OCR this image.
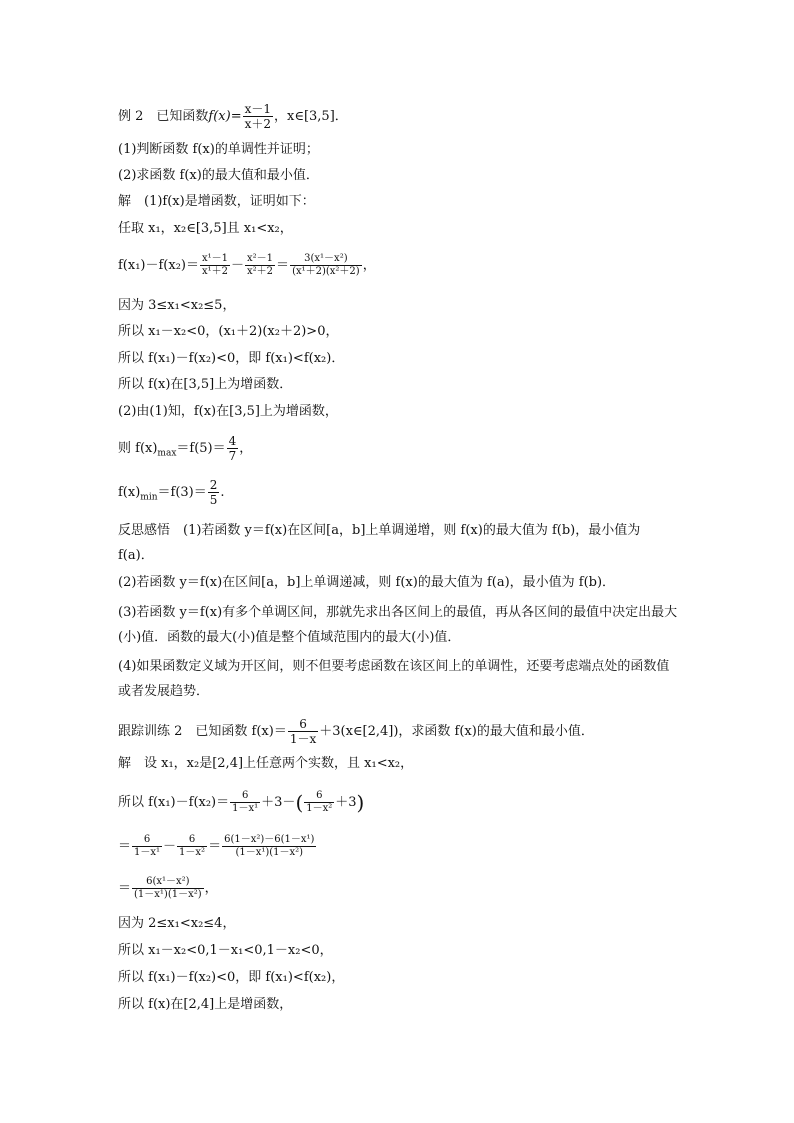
例 2　已知函数$f(x)= \frac{x-1}{x+2}$ ，x∈[3,5]．
(1)判断函数 f(x)的单调性并证明；
(2)求函数 f(x)的最大值和最小值．
解　(1)f(x)是增函数，证明如下：
任取 x₁，x₂∈[3,5]且 x₁<x₂，
$f(x_1)-f(x_2)= \frac{\text{x¹－1}}{\text{x¹＋2}} - \frac{\text{x²－1}}{\text{x²＋2}} = \frac{\text{3(x¹－x²)}}{\text{(x¹＋2)(x²＋2)}}$ ，
因为 3≤x₁<x₂≤5，
所以 x₁－x₂<0，(x₁＋2)(x₂＋2)>0，
所以 f(x₁)－f(x₂)<0，即 f(x₁)<f(x₂)．
所以 f(x)在[3,5]上为增函数．
(2)由(1)知，f(x)在[3,5]上为增函数，
则 $f(x)_{max}=f(5)= \frac{4}{7}$ ，
$f(x)_{min}=f(3)= \frac{2}{5}$ .
反思感悟　(1)若函数 y＝f(x)在区间[a，b]上单调递增，则 f(x)的最大值为 f(b)，最小值为 f(a)．
(2)若函数 y＝f(x)在区间[a，b]上单调递减，则 f(x)的最大值为 f(a)，最小值为 f(b)．
(3)若函数 y＝f(x)有多个单调区间，那就先求出各区间上的最值，再从各区间的最值中决定出最大(小)值．函数的最大(小)值是整个值域范围内的最大(小)值．
(4)如果函数定义域为开区间，则不但要考虑函数在该区间上的单调性，还要考虑端点处的函数值或者发展趋势．
跟踪训练 2　已知函数 $f(x)= \frac{6}{1-x}$ ＋3(x∈[2,4])，求函数 f(x)的最大值和最小值．
解　设 x₁，x₂是[2,4]上任意两个实数，且 x₁<x₂，
所以 $f(x_1)-f(x_2)= \frac{6}{\text{1－x¹}} +3-( \frac{6}{\text{1－x²}} +3)$
＝ $\frac{6}{\text{1－x¹}} - \frac{6}{\text{1－x²}} = \frac{\text{6(1－x²)－6(1－x¹)}}{\text{(1－x¹)(1－x²)}}$
＝ $\frac{\text{6(x¹－x²)}}{\text{(1－x¹)(1－x²)}}$ ，
因为 2≤x₁<x₂≤4，
所以 x₁－x₂<0,1－x₁<0,1－x₂<0，
所以 f(x₁)－f(x₂)<0，即 f(x₁)<f(x₂)，
所以 f(x)在[2,4]上是增函数，
